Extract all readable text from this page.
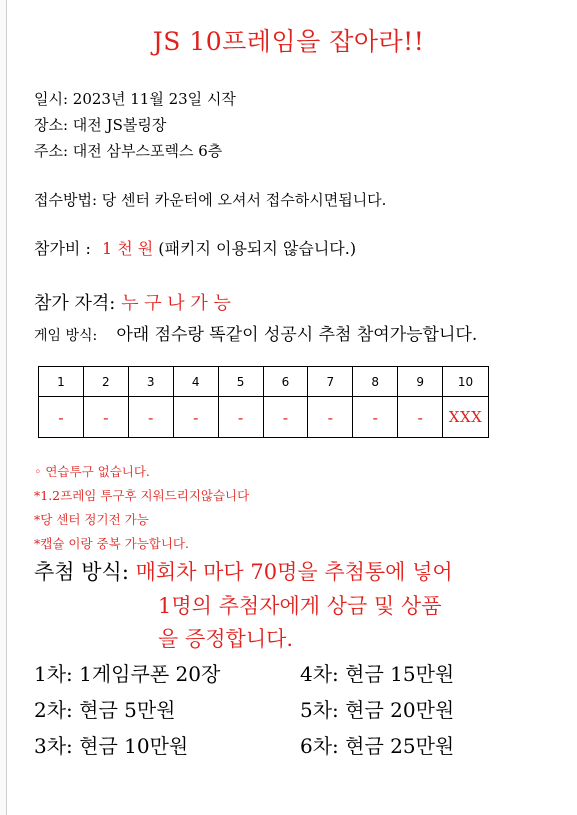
JS 10프레임을 잡아라!!
일시: 2023년 11월 23일 시작
장소: 대전 JS볼링장
주소: 대전 삼부스포렉스 6층
접수방법: 당 센터 카운터에 오셔서 접수하시면됩니다.
참가비 : 1 천 원 (패키지 이용되지 않습니다.)
참가 자격: 누 구 나 가 능
게임 방식: 아래 점수랑 똑같이 성공시 추첨 참여가능합니다.
1	2	3	4	5	6	7	8	9	10
-	-	-	-	-	-	-	-	-	XXX
◦ 연습투구 없습니다.
*1.2프레임 투구후 지워드리지않습니다
*당 센터 정기전 가능
*캡슐 이랑 중복 가능합니다.
추첨 방식: 매회차 마다 70명을 추첨통에 넣어
1명의 추첨자에게 상금 및 상품
을 증정합니다.
1차: 1게임쿠폰 20장
2차: 현금 5만원
3차: 현금 10만원
4차: 현금 15만원
5차: 현금 20만원
6차: 현금 25만원
